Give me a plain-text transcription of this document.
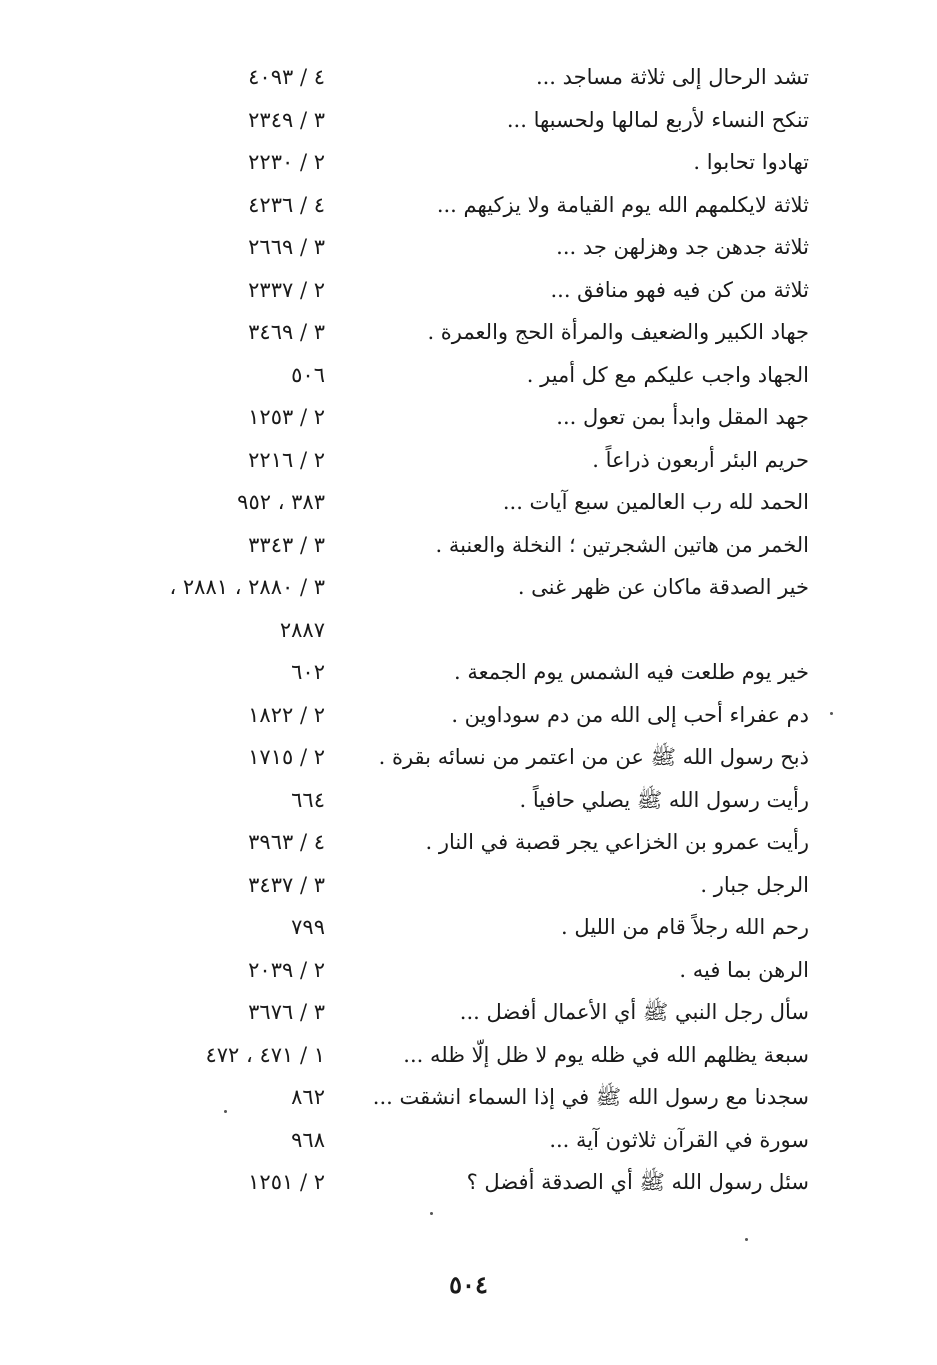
تشد الرحال إلى ثلاثة مساجد ...
٤ / ٤٠٩٣
تنكح النساء لأربع لمالها ولحسبها ...
٣ / ٢٣٤٩
تهادوا تحابوا .
٢ / ٢٢٣٠
ثلاثة لايكلمهم الله يوم القيامة ولا يزكيهم ...
٤ / ٤٢٣٦
ثلاثة جدهن جد وهزلهن جد ...
٣ / ٢٦٦٩
ثلاثة من كن فيه فهو منافق ...
٢ / ٢٣٣٧
جهاد الكبير والضعيف والمرأة الحج والعمرة .
٣ / ٣٤٦٩
الجهاد واجب عليكم مع كل أمير .
٥٠٦
جهد المقل وابدأ بمن تعول ...
٢ / ١٢٥٣
حريم البئر أربعون ذراعاً .
٢ / ٢٢١٦
الحمد لله رب العالمين سبع آيات ...
٣٨٣ ، ٩٥٢
الخمر من هاتين الشجرتين ؛ النخلة والعنبة .
٣ / ٣٣٤٣
خير الصدقة ماكان عن ظهر غنى .
٣ / ٢٨٨٠ ، ٢٨٨١ ،
٢٨٨٧
خير يوم طلعت فيه الشمس يوم الجمعة .
٦٠٢
دم عفراء أحب إلى الله من دم سوداوين .
٢ / ١٨٢٢
ذبح رسول الله ﷺ عن من اعتمر من نسائه بقرة .
٢ / ١٧١٥
رأيت رسول الله ﷺ يصلي حافياً .
٦٦٤
رأيت عمرو بن الخزاعي يجر قصبة في النار .
٤ / ٣٩٦٣
الرجل جبار .
٣ / ٣٤٣٧
رحم الله رجلاً قام من الليل .
٧٩٩
الرهن بما فيه .
٢ / ٢٠٣٩
سأل رجل النبي ﷺ أي الأعمال أفضل ...
٣ / ٣٦٧٦
سبعة يظلهم الله في ظله يوم لا ظل إلّا ظله ...
١ / ٤٧١ ، ٤٧٢
سجدنا مع رسول الله ﷺ في إذا السماء انشقت ...
٨٦٢
سورة في القرآن ثلاثون آية ...
٩٦٨
سئل رسول الله ﷺ أي الصدقة أفضل ؟
٢ / ١٢٥١
٥٠٤
